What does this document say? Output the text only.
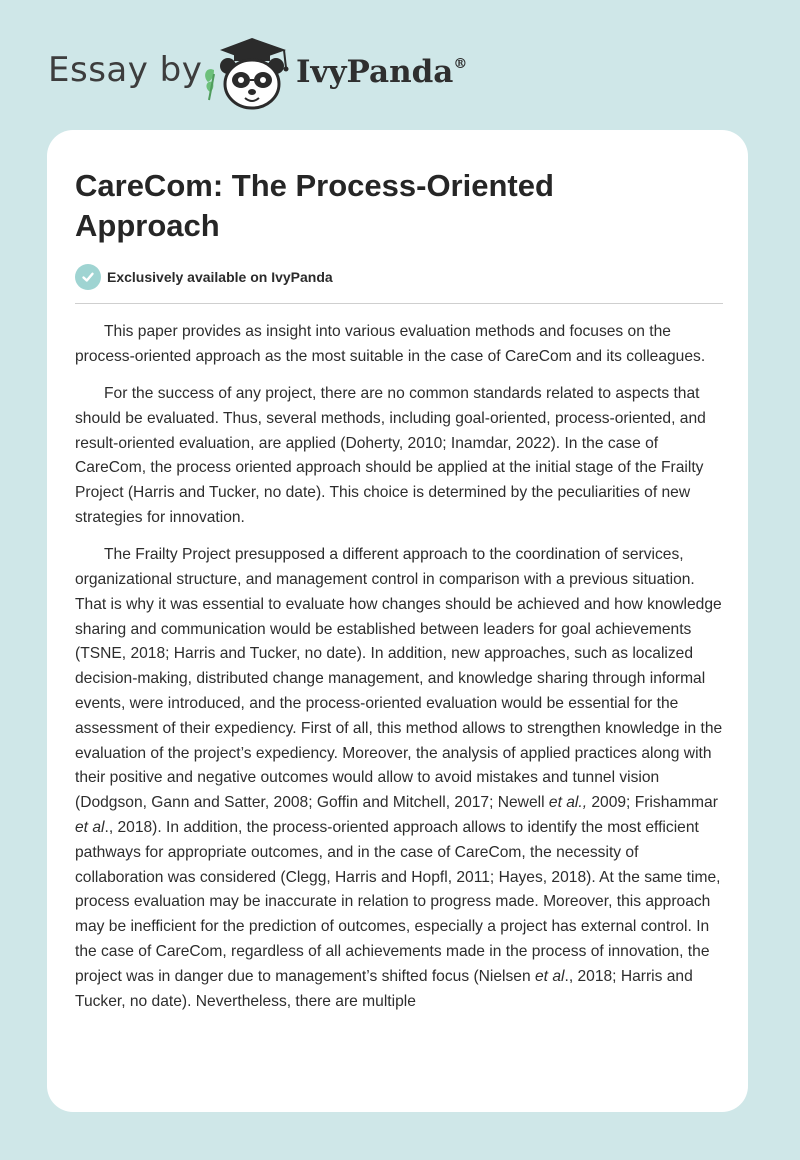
Essay by	IvyPanda®
CareCom: The Process-Oriented Approach
Exclusively available on IvyPanda

This paper provides as insight into various evaluation methods and focuses on the process-oriented approach as the most suitable in the case of CareCom and its colleagues.

For the success of any project, there are no common standards related to aspects that should be evaluated. Thus, several methods, including goal-oriented, process-oriented, and result-oriented evaluation, are applied (Doherty, 2010; Inamdar, 2022). In the case of CareCom, the process oriented approach should be applied at the initial stage of the Frailty Project (Harris and Tucker, no date). This choice is determined by the peculiarities of new strategies for innovation.

The Frailty Project presupposed a different approach to the coordination of services, organizational structure, and management control in comparison with a previous situation. That is why it was essential to evaluate how changes should be achieved and how knowledge sharing and communication would be established between leaders for goal achievements (TSNE, 2018; Harris and Tucker, no date). In addition, new approaches, such as localized decision-making, distributed change management, and knowledge sharing through informal events, were introduced, and the process-oriented evaluation would be essential for the assessment of their expediency. First of all, this method allows to strengthen knowledge in the evaluation of the project’s expediency. Moreover, the analysis of applied practices along with their positive and negative outcomes would allow to avoid mistakes and tunnel vision (Dodgson, Gann and Satter, 2008; Goffin and Mitchell, 2017; Newell et al., 2009; Frishammar et al., 2018). In addition, the process-oriented approach allows to identify the most efficient pathways for appropriate outcomes, and in the case of CareCom, the necessity of collaboration was considered (Clegg, Harris and Hopfl, 2011; Hayes, 2018). At the same time, process evaluation may be inaccurate in relation to progress made. Moreover, this approach may be inefficient for the prediction of outcomes, especially a project has external control. In the case of CareCom, regardless of all achievements made in the process of innovation, the project was in danger due to management’s shifted focus (Nielsen et al., 2018; Harris and Tucker, no date). Nevertheless, there are multiple
